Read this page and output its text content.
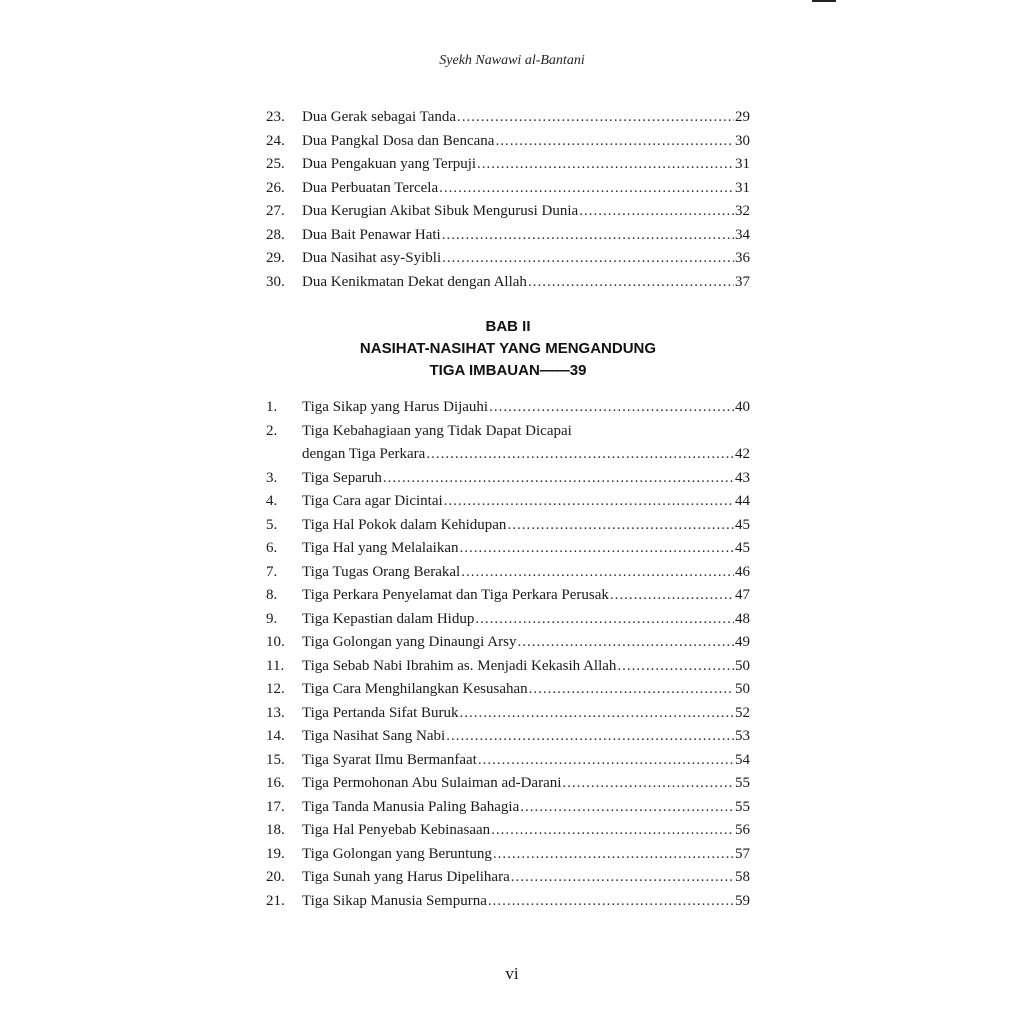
Syekh Nawawi al-Bantani
23.	Dua Gerak sebagai Tanda .....	29
24.	Dua Pangkal Dosa dan Bencana .....	30
25.	Dua Pengakuan yang Terpuji .....	31
26.	Dua Perbuatan Tercela .....	31
27.	Dua Kerugian Akibat Sibuk Mengurusi Dunia .....	32
28.	Dua Bait Penawar Hati .....	34
29.	Dua Nasihat asy-Syibli .....	36
30.	Dua Kenikmatan Dekat dengan Allah .....	37
BAB II
NASIHAT-NASIHAT YANG MENGANDUNG
TIGA IMBAUAN——39
1.	Tiga Sikap yang Harus Dijauhi .....	40
2.	Tiga Kebahagiaan yang Tidak Dapat Dicapai
dengan Tiga Perkara .....	42
3.	Tiga Separuh .....	43
4.	Tiga Cara agar Dicintai .....	44
5.	Tiga Hal Pokok dalam Kehidupan .....	45
6.	Tiga Hal yang Melalaikan .....	45
7.	Tiga Tugas Orang Berakal .....	46
8.	Tiga Perkara Penyelamat dan Tiga Perkara Perusak .....	47
9.	Tiga Kepastian dalam Hidup .....	48
10.	Tiga Golongan yang Dinaungi Arsy .....	49
11.	Tiga Sebab Nabi Ibrahim as. Menjadi Kekasih Allah .....	50
12.	Tiga Cara Menghilangkan Kesusahan .....	50
13.	Tiga Pertanda Sifat Buruk .....	52
14.	Tiga Nasihat Sang Nabi .....	53
15.	Tiga Syarat Ilmu Bermanfaat .....	54
16.	Tiga Permohonan Abu Sulaiman ad-Darani .....	55
17.	Tiga Tanda Manusia Paling Bahagia .....	55
18.	Tiga Hal Penyebab Kebinasaan .....	56
19.	Tiga Golongan yang Beruntung .....	57
20.	Tiga Sunah yang Harus Dipelihara .....	58
21.	Tiga Sikap Manusia Sempurna .....	59
vi
